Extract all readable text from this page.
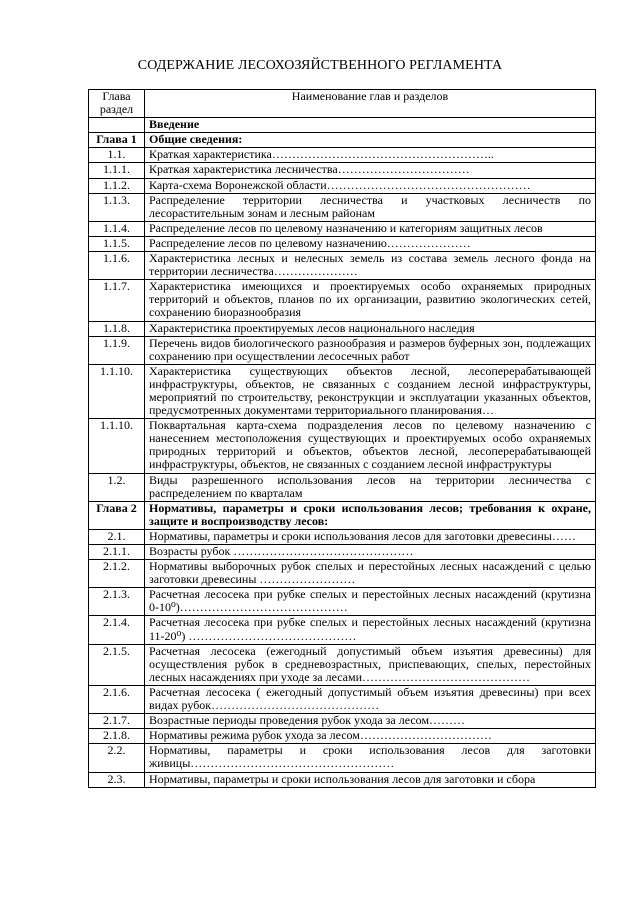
СОДЕРЖАНИЕ ЛЕСОХОЗЯЙСТВЕННОГО РЕГЛАМЕНТА
Глава раздел	Наименование глав и разделов
	Введение
Глава 1	Общие сведения:
1.1.	Краткая характеристика………………………………………………..
1.1.1.	Краткая характеристика лесничества……………………………
1.1.2.	Карта-схема Воронежской области……………………………………………
1.1.3.	Распределение территории лесничества и участковых лесничеств по лесорастительным зонам и лесным районам
1.1.4.	Распределение лесов по целевому назначению и категориям защитных лесов
1.1.5.	Распределение лесов по целевому назначению…………………
1.1.6.	Характеристика лесных и нелесных земель из состава земель лесного фонда на территории лесничества…………………
1.1.7.	Характеристика имеющихся и проектируемых особо охраняемых природных территорий и объектов, планов по их организации, развитию экологических сетей, сохранению биоразнообразия
1.1.8.	Характеристика проектируемых лесов национального наследия
1.1.9.	Перечень видов биологического разнообразия и размеров буферных зон, подлежащих сохранению при осуществлении лесосечных работ
1.1.10.	Характеристика существующих объектов лесной, лесоперерабатывающей инфраструктуры, объектов, не связанных с созданием лесной инфраструктуры, мероприятий по строительству, реконструкции и эксплуатации указанных объектов, предусмотренных документами территориального планирования…
1.1.10.	Поквартальная карта-схема подразделения лесов по целевому назначению с нанесением местоположения существующих и проектируемых особо охраняемых природных территорий и объектов, объектов лесной, лесоперерабатывающей инфраструктуры, объектов, не связанных с созданием лесной инфраструктуры
1.2.	Виды разрешенного использования лесов на территории лесничества с распределением по кварталам
Глава 2	Нормативы, параметры и сроки использования лесов; требования к охране, защите и воспроизводству лесов:
2.1.	Нормативы, параметры и сроки использования лесов для заготовки древесины……
2.1.1.	Возрасты рубок ………………………………………
2.1.2.	Нормативы выборочных рубок спелых и перестойных лесных насаждений с целью заготовки древесины ……………………
2.1.3.	Расчетная лесосека при рубке спелых и перестойных лесных насаждений (крутизна 0-10⁰)……………………………………
2.1.4.	Расчетная лесосека при рубке спелых и перестойных лесных насаждений (крутизна 11-20⁰) ……………………………………
2.1.5.	Расчетная лесосека (ежегодный допустимый объем изъятия древесины) для осуществления рубок в средневозрастных, приспевающих, спелых, перестойных лесных насаждениях при уходе за лесами……………………………………
2.1.6.	Расчетная лесосека ( ежегодный допустимый объем изъятия древесины) при всех видах рубок……………………………………
2.1.7.	Возрастные периоды проведения рубок ухода за лесом………
2.1.8.	Нормативы режима рубок ухода за лесом……………………………
2.2.	Нормативы, параметры и сроки использования лесов для заготовки живицы……………………………………………
2.3.	Нормативы, параметры и сроки использования лесов для заготовки и сбора
